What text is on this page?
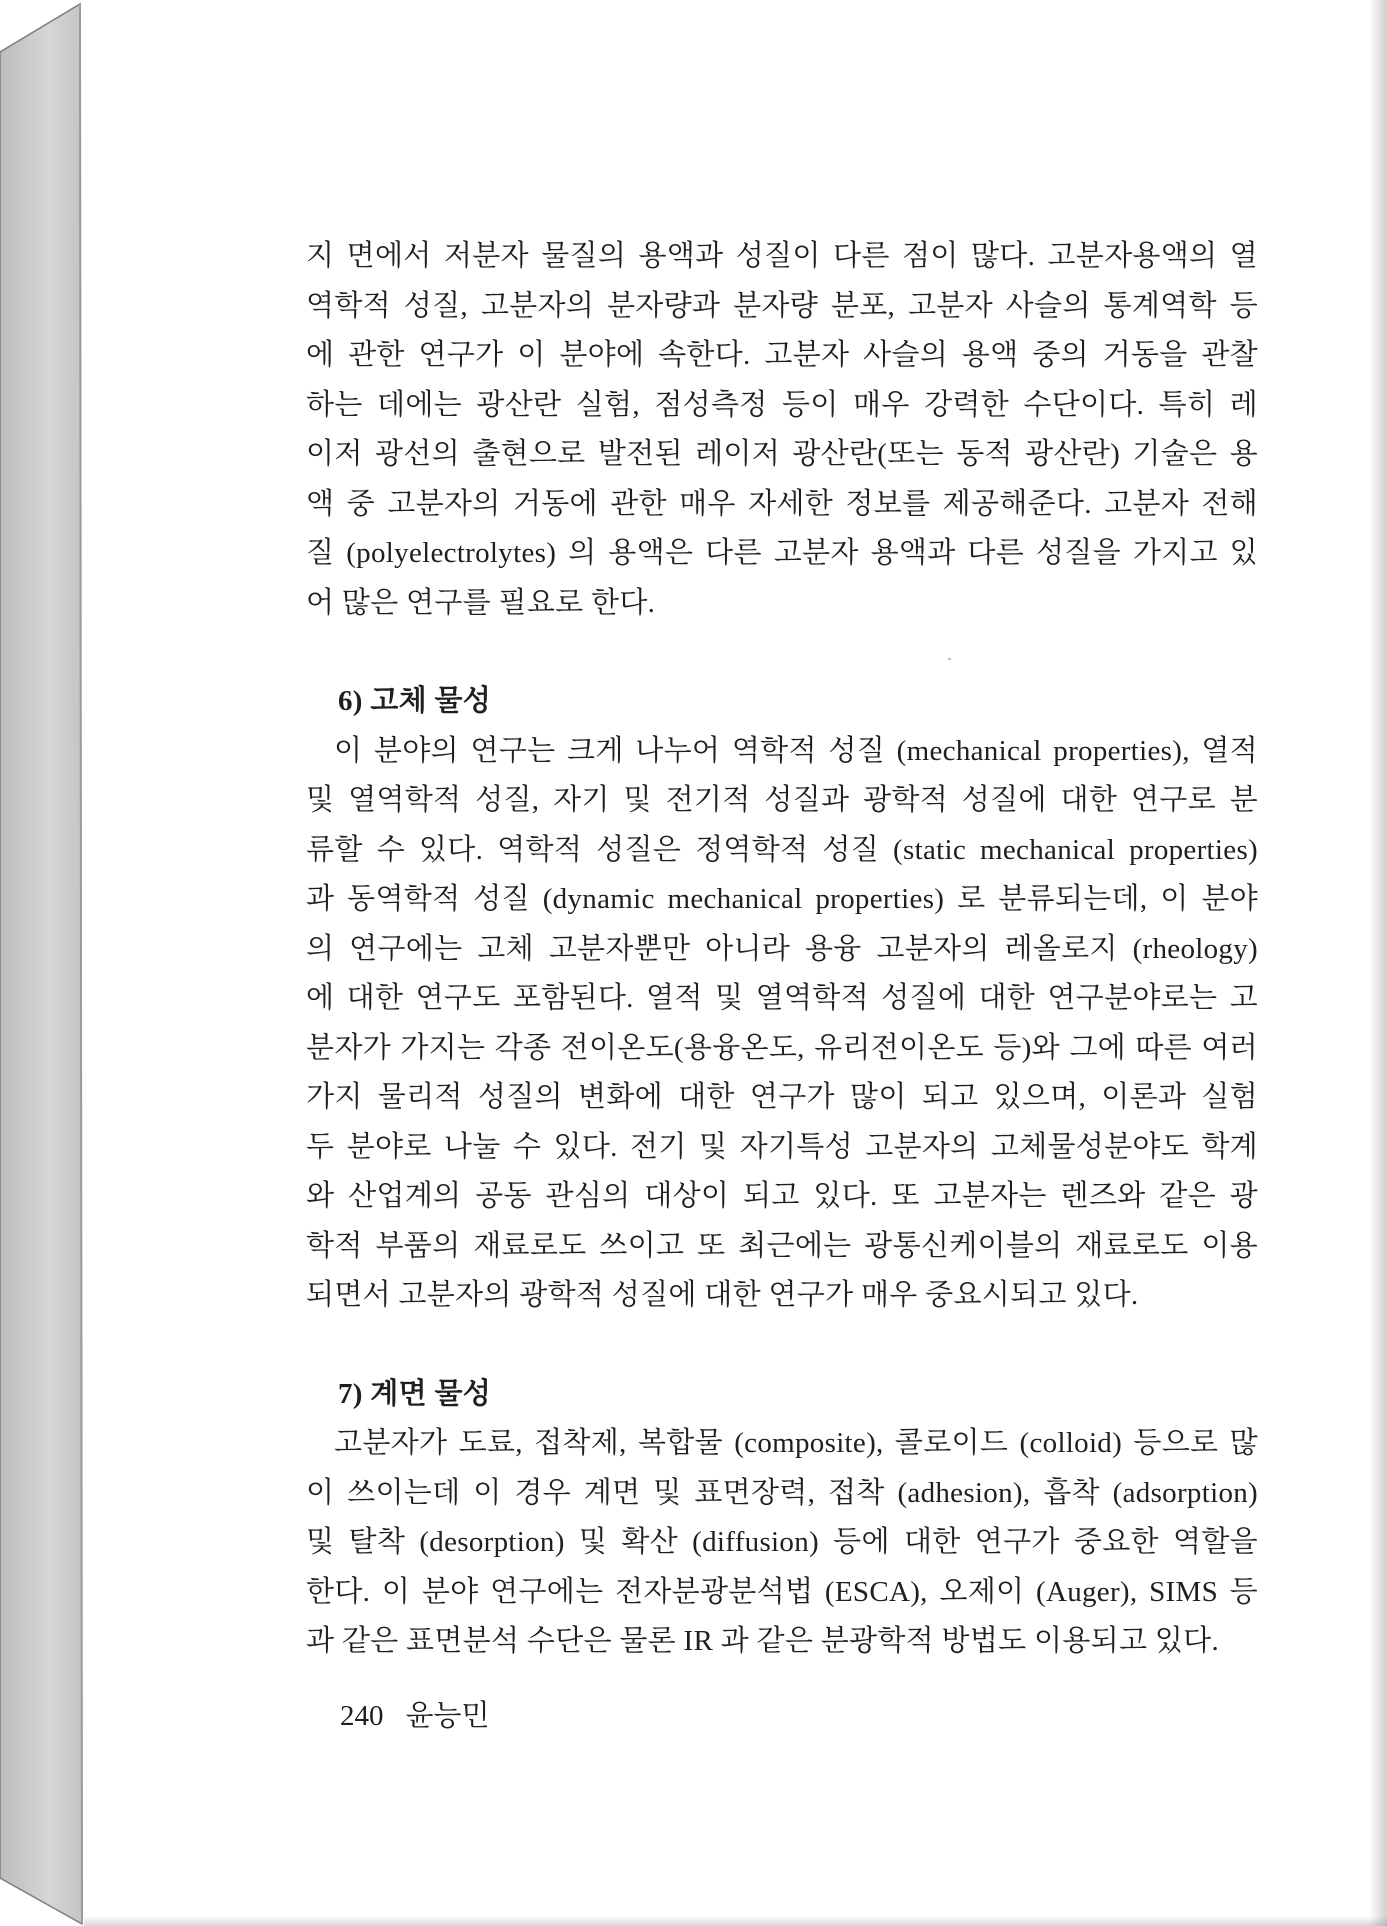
지 면에서 저분자 물질의 용액과 성질이 다른 점이 많다. 고분자용액의 열

역학적 성질, 고분자의 분자량과 분자량 분포, 고분자 사슬의 통계역학 등

에 관한 연구가 이 분야에 속한다. 고분자 사슬의 용액 중의 거동을 관찰

하는 데에는 광산란 실험, 점성측정 등이 매우 강력한 수단이다. 특히 레

이저 광선의 출현으로 발전된 레이저 광산란(또는 동적 광산란) 기술은 용

액 중 고분자의 거동에 관한 매우 자세한 정보를 제공해준다. 고분자 전해

질 (polyelectrolytes) 의 용액은 다른 고분자 용액과 다른 성질을 가지고 있

어 많은 연구를 필요로 한다.

6) 고체 물성

이 분야의 연구는 크게 나누어 역학적 성질 (mechanical properties), 열적

및 열역학적 성질, 자기 및 전기적 성질과 광학적 성질에 대한 연구로 분

류할 수 있다. 역학적 성질은 정역학적 성질 (static mechanical properties)

과 동역학적 성질 (dynamic mechanical properties) 로 분류되는데, 이 분야

의 연구에는 고체 고분자뿐만 아니라 용융 고분자의 레올로지 (rheology)

에 대한 연구도 포함된다. 열적 및 열역학적 성질에 대한 연구분야로는 고

분자가 가지는 각종 전이온도(용융온도, 유리전이온도 등)와 그에 따른 여러

가지 물리적 성질의 변화에 대한 연구가 많이 되고 있으며, 이론과 실험

두 분야로 나눌 수 있다. 전기 및 자기특성 고분자의 고체물성분야도 학계

와 산업계의 공동 관심의 대상이 되고 있다. 또 고분자는 렌즈와 같은 광

학적 부품의 재료로도 쓰이고 또 최근에는 광통신케이블의 재료로도 이용

되면서 고분자의 광학적 성질에 대한 연구가 매우 중요시되고 있다.

7) 계면 물성

고분자가 도료, 접착제, 복합물 (composite), 콜로이드 (colloid) 등으로 많

이 쓰이는데 이 경우 계면 및 표면장력, 접착 (adhesion), 흡착 (adsorption)

및 탈착 (desorption) 및 확산 (diffusion) 등에 대한 연구가 중요한 역할을

한다. 이 분야 연구에는 전자분광분석법 (ESCA), 오제이 (Auger), SIMS 등

과 같은 표면분석 수단은 물론 IR 과 같은 분광학적 방법도 이용되고 있다.

240 윤능민
